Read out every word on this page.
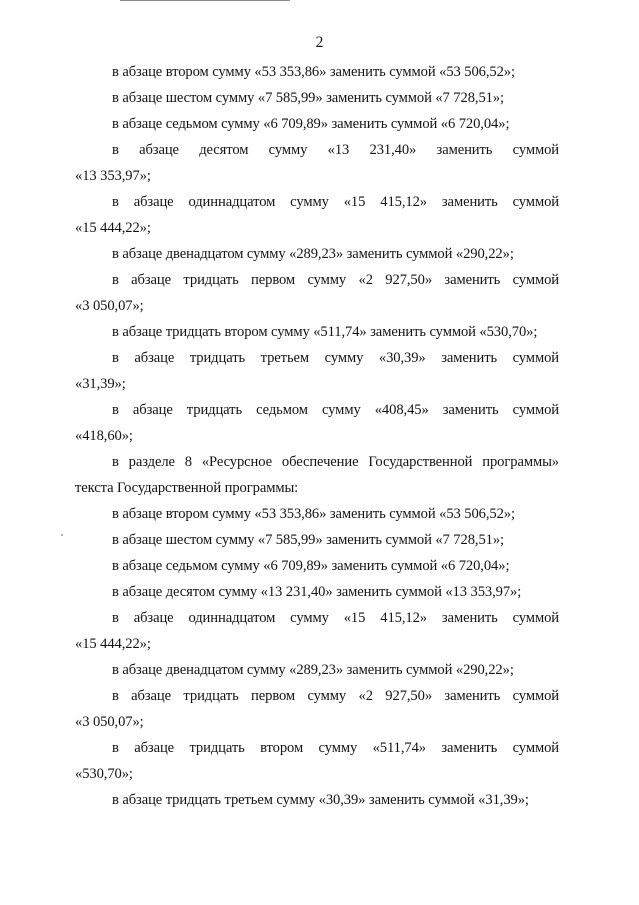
2
в абзаце втором сумму «53 353,86» заменить суммой «53 506,52»;
в абзаце шестом сумму «7 585,99» заменить суммой «7 728,51»;
в абзаце седьмом сумму «6 709,89» заменить суммой «6 720,04»;
в абзаце десятом сумму «13 231,40» заменить суммой
«13 353,97»;
в абзаце одиннадцатом сумму «15 415,12» заменить суммой
«15 444,22»;
в абзаце двенадцатом сумму «289,23» заменить суммой «290,22»;
в абзаце тридцать первом сумму «2 927,50» заменить суммой
«3 050,07»;
в абзаце тридцать втором сумму «511,74» заменить суммой «530,70»;
в абзаце тридцать третьем сумму «30,39» заменить суммой
«31,39»;
в абзаце тридцать седьмом сумму «408,45» заменить суммой
«418,60»;
в разделе 8 «Ресурсное обеспечение Государственной программы»
текста Государственной программы:
в абзаце втором сумму «53 353,86» заменить суммой «53 506,52»;
в абзаце шестом сумму «7 585,99» заменить суммой «7 728,51»;
в абзаце седьмом сумму «6 709,89» заменить суммой «6 720,04»;
в абзаце десятом сумму «13 231,40» заменить суммой «13 353,97»;
в абзаце одиннадцатом сумму «15 415,12» заменить суммой
«15 444,22»;
в абзаце двенадцатом сумму «289,23» заменить суммой «290,22»;
в абзаце тридцать первом сумму «2 927,50» заменить суммой
«3 050,07»;
в абзаце тридцать втором сумму «511,74» заменить суммой
«530,70»;
в абзаце тридцать третьем сумму «30,39» заменить суммой «31,39»;
